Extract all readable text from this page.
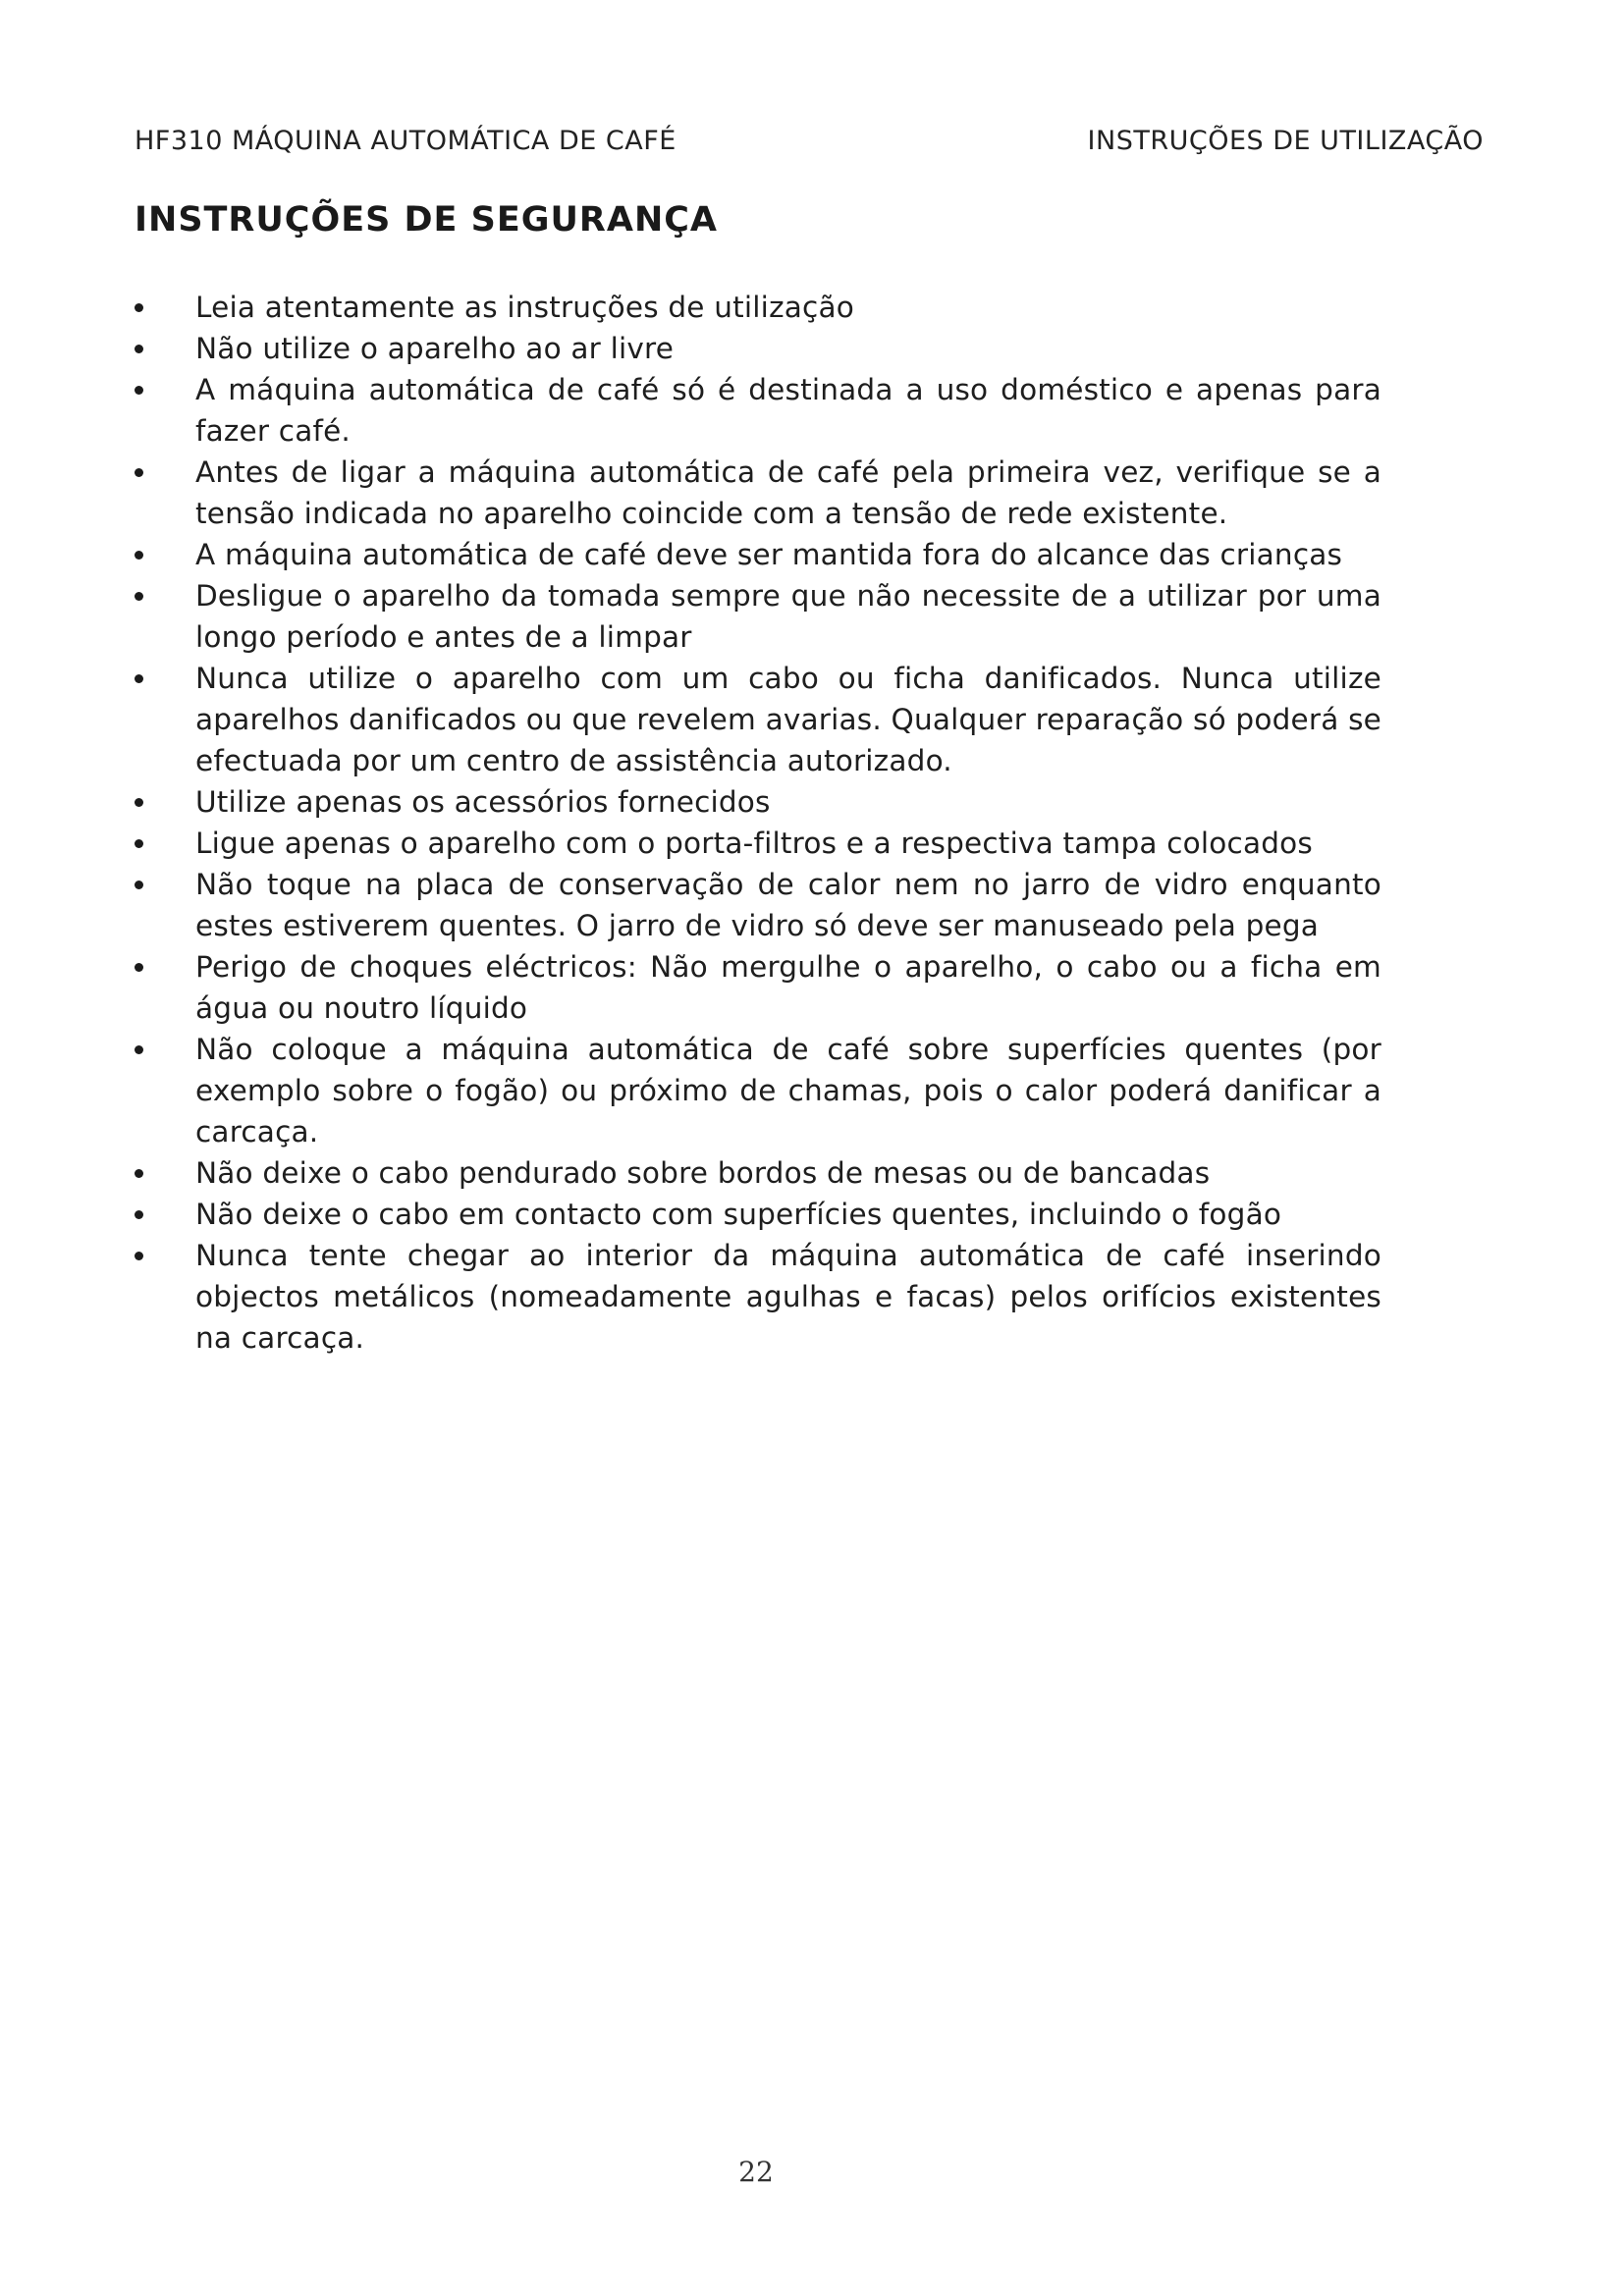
HF310 MÁQUINA AUTOMÁTICA DE CAFÉ	INSTRUÇÕES DE UTILIZAÇÃO
INSTRUÇÕES DE SEGURANÇA
Leia atentamente as instruções de utilização
Não utilize o aparelho ao ar livre
A máquina automática de café só é destinada a uso doméstico e apenas para fazer café.
Antes de ligar a máquina automática de café pela primeira vez, verifique se a tensão indicada no aparelho coincide com a tensão de rede existente.
A máquina automática de café deve ser mantida fora do alcance das crianças
Desligue o aparelho da tomada sempre que não necessite de a utilizar por uma longo período e antes de a limpar
Nunca utilize o aparelho com um cabo ou ficha danificados. Nunca utilize aparelhos danificados ou que revelem avarias. Qualquer reparação só poderá se efectuada por um centro de assistência autorizado.
Utilize apenas os acessórios fornecidos
Ligue apenas o aparelho com o porta-filtros e a respectiva tampa colocados
Não toque na placa de conservação de calor nem no jarro de vidro enquanto estes estiverem quentes. O jarro de vidro só deve ser manuseado pela pega
Perigo de choques eléctricos: Não mergulhe o aparelho, o cabo ou a ficha em água ou noutro líquido
Não coloque a máquina automática de café sobre superfícies quentes (por exemplo sobre o fogão) ou próximo de chamas, pois o calor poderá danificar a carcaça.
Não deixe o cabo pendurado sobre bordos de mesas ou de bancadas
Não deixe o cabo em contacto com superfícies quentes, incluindo o fogão
Nunca tente chegar ao interior da máquina automática de café inserindo objectos metálicos (nomeadamente agulhas e facas) pelos orifícios existentes na carcaça.
22
